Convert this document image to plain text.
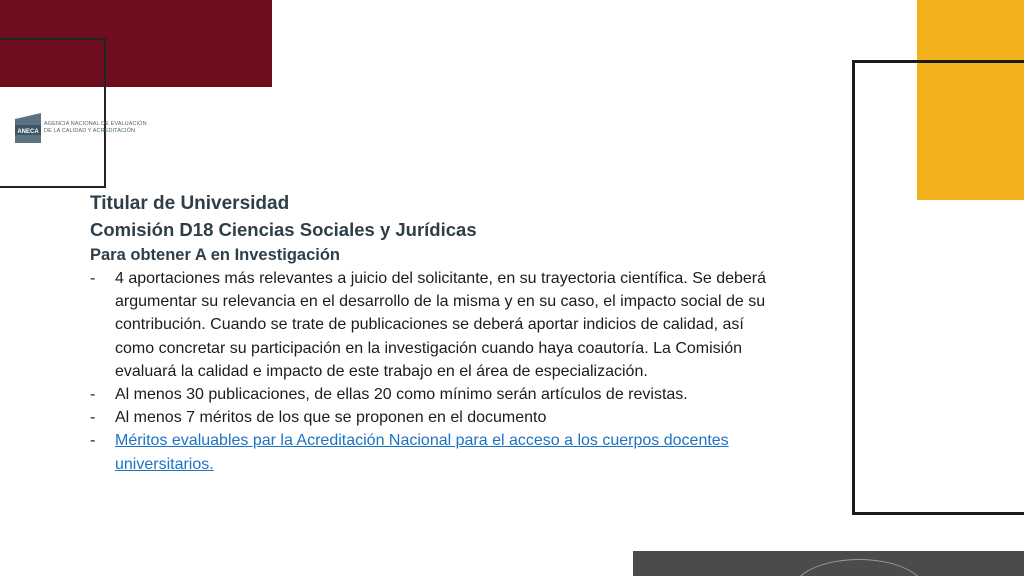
ANECA
AGENCIA NACIONAL DE EVALUACIÓN
DE LA CALIDAD Y ACREDITACIÓN
Titular de Universidad
Comisión D18 Ciencias Sociales y Jurídicas
Para obtener A en Investigación
- 4 aportaciones más relevantes a juicio del solicitante, en su trayectoria científica. Se deberá argumentar su relevancia en el desarrollo de la misma y en su caso, el impacto social de su contribución. Cuando se trate de publicaciones se deberá aportar indicios de calidad, así como concretar su participación en la investigación cuando haya coautoría. La Comisión evaluará la calidad e impacto de este trabajo en el área de especialización.
- Al menos 30 publicaciones, de ellas 20 como mínimo serán artículos de revistas.
- Al menos 7 méritos de los que se proponen en el documento
- Méritos evaluables par la Acreditación Nacional para el acceso a los cuerpos docentes universitarios.
